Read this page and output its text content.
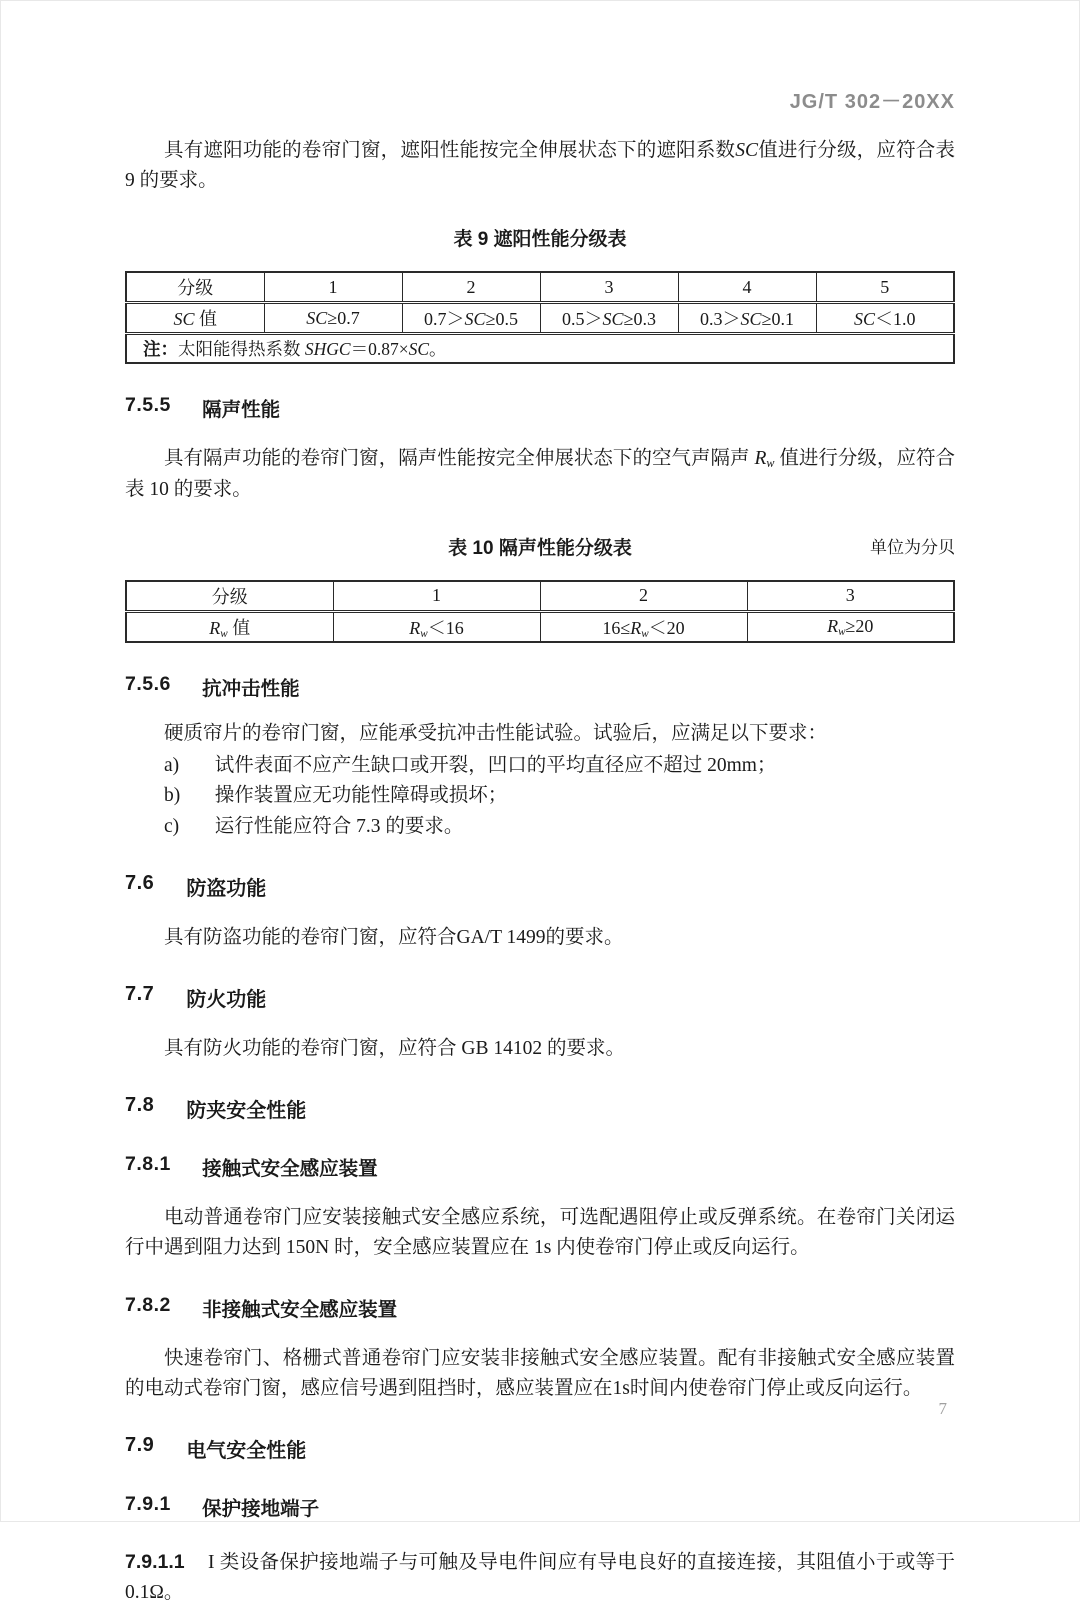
JG/T 302－20XX

具有遮阳功能的卷帘门窗，遮阳性能按完全伸展状态下的遮阳系数SC值进行分级，应符合表9 的要求。

表 9 遮阳性能分级表
分级	1	2	3	4	5
SC 值	SC≥0.7	0.7＞SC≥0.5	0.5＞SC≥0.3	0.3＞SC≥0.1	SC＜1.0
注：太阳能得热系数 SHGC＝0.87×SC。					
7.5.5 隔声性能

具有隔声功能的卷帘门窗，隔声性能按完全伸展状态下的空气声隔声 $R_w$ 值进行分级，应符合表 10 的要求。

表 10 隔声性能分级表	单位为分贝
分级	1	2	3
$R_w$ 值	$R_w<16$	$16\le R_w<20$	$R_w\ge 20$
7.5.6 抗冲击性能

硬质帘片的卷帘门窗，应能承受抗冲击性能试验。试验后，应满足以下要求：

a)	试件表面不应产生缺口或开裂，凹口的平均直径应不超过 20mm；
b)	操作装置应无功能性障碍或损坏；
c)	运行性能应符合 7.3 的要求。
7.6 防盗功能

具有防盗功能的卷帘门窗，应符合GA/T 1499的要求。

7.7 防火功能

具有防火功能的卷帘门窗，应符合 GB 14102 的要求。

7.8 防夹安全性能
7.8.1 接触式安全感应装置

电动普通卷帘门应安装接触式安全感应系统，可选配遇阻停止或反弹系统。在卷帘门关闭运行中遇到阻力达到 150N 时，安全感应装置应在 1s 内使卷帘门停止或反向运行。

7.8.2 非接触式安全感应装置

快速卷帘门、格栅式普通卷帘门应安装非接触式安全感应装置。配有非接触式安全感应装置的电动式卷帘门窗，感应信号遇到阻挡时，感应装置应在1s时间内使卷帘门停止或反向运行。

7.9 电气安全性能
7.9.1 保护接地端子

7.9.1.1 I 类设备保护接地端子与可触及导电件间应有导电良好的直接连接，其阻值小于或等于 0.1Ω。

7
